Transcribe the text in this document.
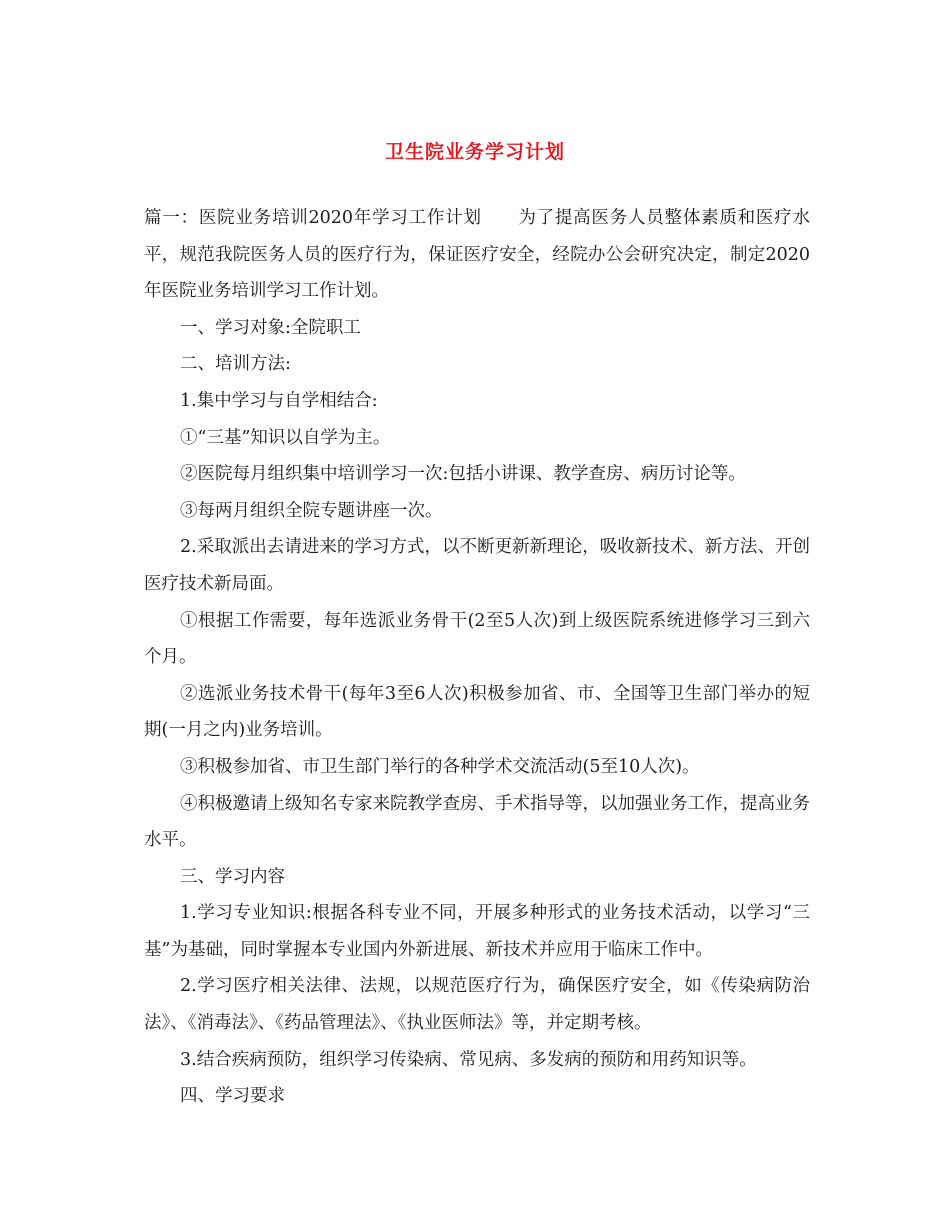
卫生院业务学习计划

篇一：医院业务培训2020年学习工作计划　　为了提高医务人员整体素质和医疗水平，规范我院医务人员的医疗行为，保证医疗安全，经院办公会研究决定，制定2020年医院业务培训学习工作计划。

一、学习对象:全院职工

二、培训方法:

1.集中学习与自学相结合:

①“三基”知识以自学为主。

②医院每月组织集中培训学习一次:包括小讲课、教学查房、病历讨论等。

③每两月组织全院专题讲座一次。

2.采取派出去请进来的学习方式，以不断更新新理论，吸收新技术、新方法、开创医疗技术新局面。

①根据工作需要，每年选派业务骨干(2至5人次)到上级医院系统进修学习三到六个月。

②选派业务技术骨干(每年3至6人次)积极参加省、市、全国等卫生部门举办的短期(一月之内)业务培训。

③积极参加省、市卫生部门举行的各种学术交流活动(5至10人次)。

④积极邀请上级知名专家来院教学查房、手术指导等，以加强业务工作，提高业务水平。

三、学习内容

1.学习专业知识:根据各科专业不同，开展多种形式的业务技术活动，以学习“三基”为基础，同时掌握本专业国内外新进展、新技术并应用于临床工作中。

2.学习医疗相关法律、法规，以规范医疗行为，确保医疗安全，如《传染病防治法》、《消毒法》、《药品管理法》、《执业医师法》等，并定期考核。

3.结合疾病预防，组织学习传染病、常见病、多发病的预防和用药知识等。

四、学习要求
